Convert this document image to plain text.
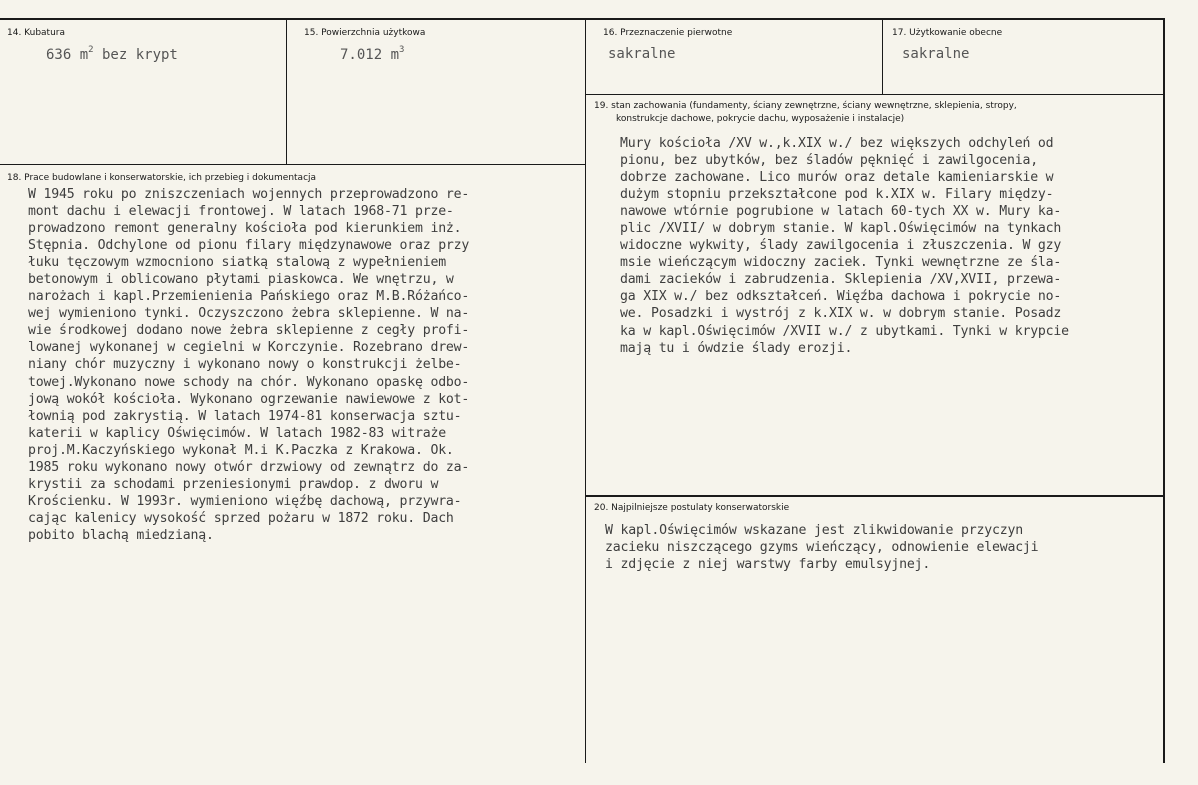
14. Kubatura
636 $m^2$ bez krypt
15. Powierzchnia użytkowa
7.012 $m^3$
16. Przeznaczenie pierwotne
sakralne
17. Użytkowanie obecne
sakralne
18. Prace budowlane i konserwatorskie, ich przebieg i dokumentacja
W 1945 roku po zniszczeniach wojennych przeprowadzono re-
mont dachu i elewacji frontowej. W latach 1968-71 prze-
prowadzono remont generalny kościoła pod kierunkiem inż.
Stępnia. Odchylone od pionu filary międzynawowe oraz przy
łuku tęczowym wzmocniono siatką stalową z wypełnieniem
betonowym i oblicowano płytami piaskowca. We wnętrzu, w
narożach i kapl.Przemienienia Pańskiego oraz M.B.Różańco-
wej wymieniono tynki. Oczyszczono żebra sklepienne. W na-
wie środkowej dodano nowe żebra sklepienne z cegły profi-
lowanej wykonanej w cegielni w Korczynie. Rozebrano drew-
niany chór muzyczny i wykonano nowy o konstrukcji żelbe-
towej.Wykonano nowe schody na chór. Wykonano opaskę odbo-
jową wokół kościoła. Wykonano ogrzewanie nawiewowe z kot-
łownią pod zakrystią. W latach 1974-81 konserwacja sztu-
katerii w kaplicy Oświęcimów. W latach 1982-83 witraże
proj.M.Kaczyńskiego wykonał M.i K.Paczka z Krakowa. Ok.
1985 roku wykonano nowy otwór drzwiowy od zewnątrz do za-
krystii za schodami przeniesionymi prawdop. z dworu w
Krościenku. W 1993r. wymieniono więźbę dachową, przywra-
cając kalenicy wysokość sprzed pożaru w 1872 roku. Dach
pobito blachą miedzianą.
19. stan zachowania (fundamenty, ściany zewnętrzne, ściany wewnętrzne, sklepienia, stropy,
konstrukcje dachowe, pokrycie dachu, wyposażenie i instalacje)
Mury kościoła /XV w.,k.XIX w./ bez większych odchyleń od
pionu, bez ubytków, bez śladów pęknięć i zawilgocenia,
dobrze zachowane. Lico murów oraz detale kamieniarskie w
dużym stopniu przekształcone pod k.XIX w. Filary między-
nawowe wtórnie pogrubione w latach 60-tych XX w. Mury ka-
plic /XVII/ w dobrym stanie. W kapl.Oświęcimów na tynkach
widoczne wykwity, ślady zawilgocenia i złuszczenia. W gzy
msie wieńczącym widoczny zaciek. Tynki wewnętrzne ze śla-
dami zacieków i zabrudzenia. Sklepienia /XV,XVII, przewa-
ga XIX w./ bez odkształceń. Więźba dachowa i pokrycie no-
we. Posadzki i wystrój z k.XIX w. w dobrym stanie. Posadz
ka w kapl.Oświęcimów /XVII w./ z ubytkami. Tynki w krypcie
mają tu i ówdzie ślady erozji.
20. Najpilniejsze postulaty konserwatorskie
W kapl.Oświęcimów wskazane jest zlikwidowanie przyczyn
zacieku niszczącego gzyms wieńczący, odnowienie elewacji
i zdjęcie z niej warstwy farby emulsyjnej.
